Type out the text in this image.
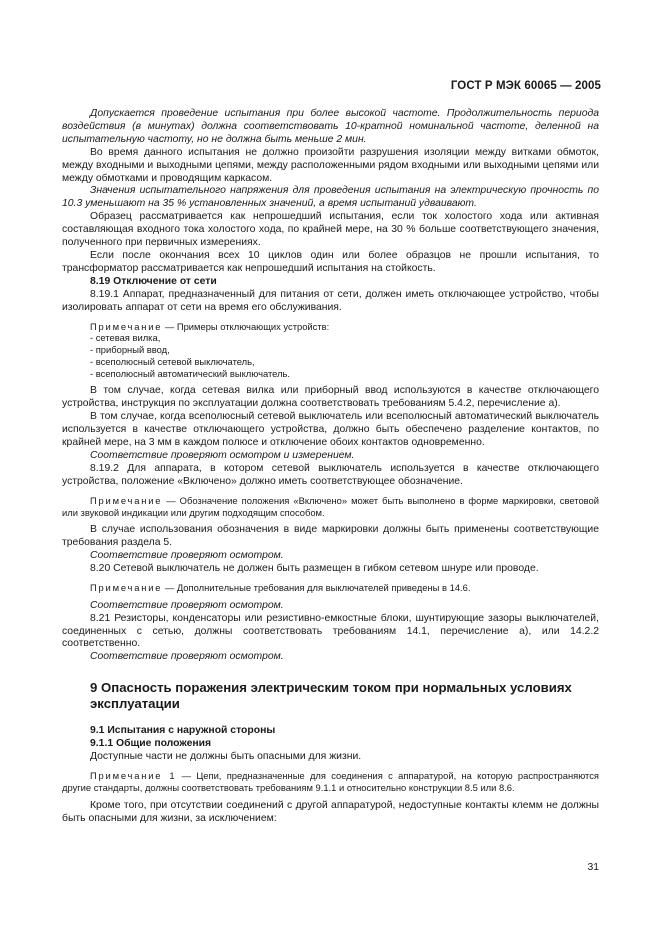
ГОСТ Р МЭК 60065 — 2005

Допускается проведение испытания при более высокой частоте. Продолжительность периода воздействия (в минутах) должна соответствовать 10-кратной номинальной частоте, деленной на испытательную частоту, но не должна быть меньше 2 мин.

Во время данного испытания не должно произойти разрушения изоляции между витками обмоток, между входными и выходными цепями, между расположенными рядом входными или выходными цепями или между обмотками и проводящим каркасом.

Значения испытательного напряжения для проведения испытания на электрическую прочность по 10.3 уменьшают на 35 % установленных значений, а время испытаний удваивают.

Образец рассматривается как непрошедший испытания, если ток холостого хода или активная составляющая входного тока холостого хода, по крайней мере, на 30 % больше соответствующего значения, полученного при первичных измерениях.

Если после окончания всех 10 циклов один или более образцов не прошли испытания, то трансформатор рассматривается как непрошедший испытания на стойкость.

8.19 Отключение от сети

8.19.1 Аппарат, предназначенный для питания от сети, должен иметь отключающее устройство, чтобы изолировать аппарат от сети на время его обслуживания.

Примечание — Примеры отключающих устройств:

- сетевая вилка,
- приборный ввод,
- всеполюсный сетевой выключатель,
- всеполюсный автоматический выключатель.

В том случае, когда сетевая вилка или приборный ввод используются в качестве отключающего устройства, инструкция по эксплуатации должна соответствовать требованиям 5.4.2, перечисление а).

В том случае, когда всеполюсный сетевой выключатель или всеполюсный автоматический выключатель используется в качестве отключающего устройства, должно быть обеспечено разделение контактов, по крайней мере, на 3 мм в каждом полюсе и отключение обоих контактов одновременно.

Соответствие проверяют осмотром и измерением.

8.19.2 Для аппарата, в котором сетевой выключатель используется в качестве отключающего устройства, положение «Включено» должно иметь соответствующее обозначение.

Примечание — Обозначение положения «Включено» может быть выполнено в форме маркировки, световой или звуковой индикации или другим подходящим способом.

В случае использования обозначения в виде маркировки должны быть применены соответствующие требования раздела 5.

Соответствие проверяют осмотром.

8.20 Сетевой выключатель не должен быть размещен в гибком сетевом шнуре или проводе.

Примечание — Дополнительные требования для выключателей приведены в 14.6.

Соответствие проверяют осмотром.

8.21 Резисторы, конденсаторы или резистивно-емкостные блоки, шунтирующие зазоры выключателей, соединенных с сетью, должны соответствовать требованиям 14.1, перечисление а), или 14.2.2 соответственно.

Соответствие проверяют осмотром.

9 Опасность поражения электрическим током при нормальных условиях эксплуатации

9.1 Испытания с наружной стороны

9.1.1 Общие положения

Доступные части не должны быть опасными для жизни.

Примечание 1 — Цепи, предназначенные для соединения с аппаратурой, на которую распространяются другие стандарты, должны соответствовать требованиям 9.1.1 и относительно конструкции 8.5 или 8.6.

Кроме того, при отсутствии соединений с другой аппаратурой, недоступные контакты клемм не должны быть опасными для жизни, за исключением:

31
